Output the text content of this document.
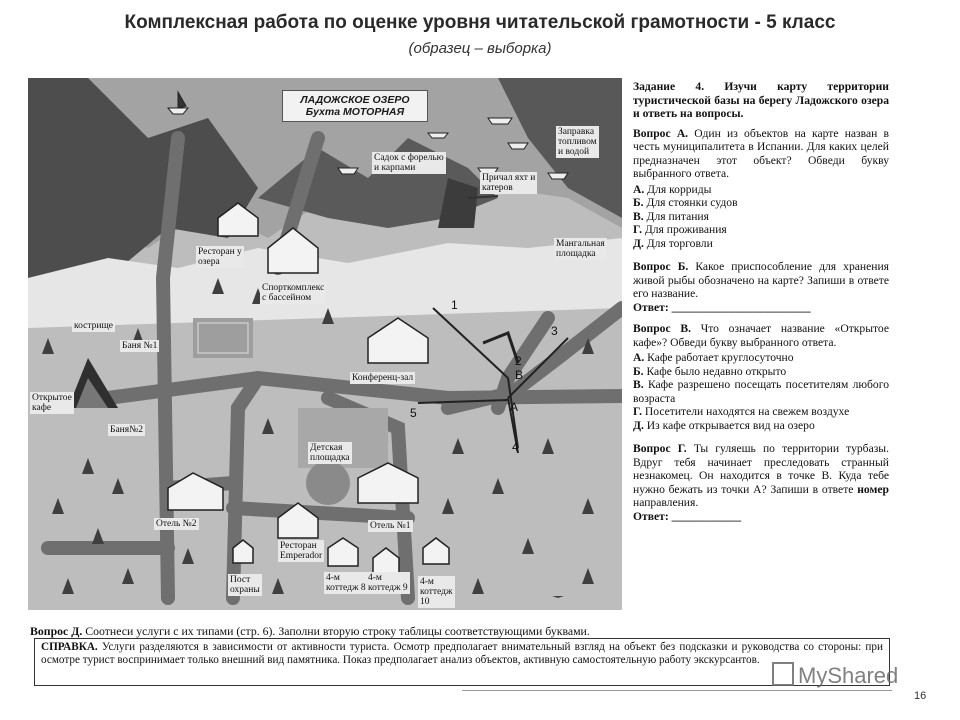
Комплексная работа по оценке уровня читательской грамотности - 5 класс
(образец – выборка)
ЛАДОЖСКОЕ ОЗЕРО
Бухта МОТОРНАЯ
Садок с форелью
и карпами
Причал яхт и
катеров
Заправка
топливом
и водой
Мангальная
площадка
Ресторан у
озера
Спорткомплекс
с бассейном
кострище
Баня №1
Открытое
кафе
Баня№2
Конференц-зал
Детская
площадка
Отель №2	Отель №1
Ресторан
Emperador
Пост
охраны
4-м
коттедж 8
4-м
коттедж 9
4-м
коттедж
10
1
2
3
4
5	А
В

Задание 4. Изучи карту территории туристической базы на берегу Ладожского озера и ответь на вопросы.

Вопрос А. Один из объектов на карте назван в честь муниципалитета в Испании. Для каких целей предназначен этот объект? Обведи букву выбранного ответа.

А. Для корриды

Б. Для стоянки судов

В. Для питания

Г. Для проживания

Д. Для торговли

Вопрос Б. Какое приспособление для хранения живой рыбы обозначено на карте? Запиши в ответе его название.
Ответ: ________________________

Вопрос В. Что означает название «Открытое кафе»? Обведи букву выбранного ответа.

А. Кафе работает круглосуточно

Б. Кафе было недавно открыто

В. Кафе разрешено посещать посетителям любого возраста

Г. Посетители находятся на свежем воздухе

Д. Из кафе открывается вид на озеро

Вопрос Г. Ты гуляешь по территории турбазы. Вдруг тебя начинает преследовать странный незнакомец. Он находится в точке В. Куда тебе нужно бежать из точки А? Запиши в ответе номер направления.
Ответ: ____________

Вопрос Д. Соотнеси услуги с их типами (стр. 6). Заполни вторую строку таблицы соответствующими буквами.
СПРАВКА. Услуги разделяются в зависимости от активности туриста. Осмотр предполагает внимательный взгляд на объект без подсказки и руководства со стороны: при осмотре турист воспринимает только внешний вид памятника. Показ предполагает анализ объектов, активную самостоятельную работу экскурсантов.
MyShared
16
